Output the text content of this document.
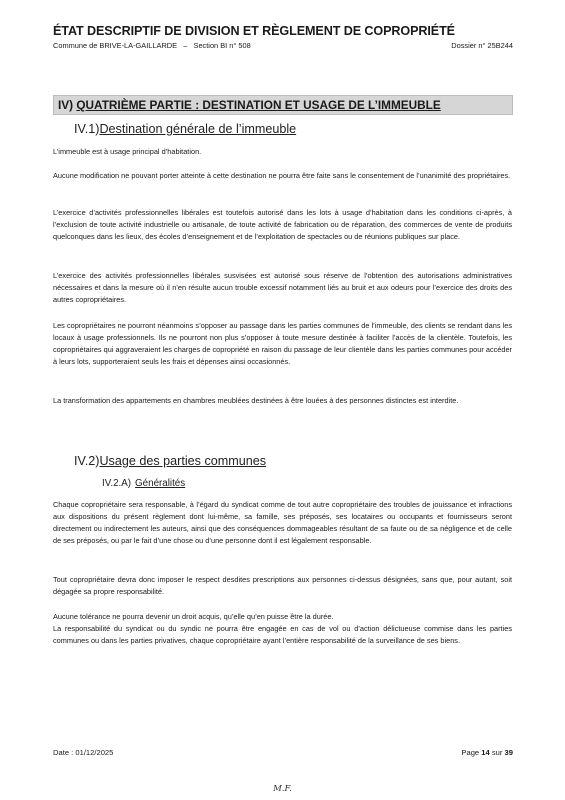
ÉTAT DESCRIPTIF DE DIVISION ET RÈGLEMENT DE COPROPRIÉTÉ
Commune de BRIVE-LA-GAILLARDE – Section BI n° 508	Dossier n° 25B244
IV) QUATRIÈME PARTIE : DESTINATION ET USAGE DE L’IMMEUBLE
IV.1)Destination générale de l’immeuble

L’immeuble est à usage principal d’habitation.

Aucune modification ne pouvant porter atteinte à cette destination ne pourra être faite sans le consentement de l’unanimité des propriétaires.

L’exercice d’activités professionnelles libérales est toutefois autorisé dans les lots à usage d’habitation dans les conditions ci-après, à l’exclusion de toute activité industrielle ou artisanale, de toute activité de fabrication ou de réparation, des commerces de vente de produits quelconques dans les lieux, des écoles d’enseignement et de l’exploitation de spectacles ou de réunions publiques sur place.

L’exercice des activités professionnelles libérales susvisées est autorisé sous réserve de l’obtention des autorisations administratives nécessaires et dans la mesure où il n’en résulte aucun trouble excessif notamment liés au bruit et aux odeurs pour l’exercice des droits des autres copropriétaires.

Les copropriétaires ne pourront néanmoins s’opposer au passage dans les parties communes de l’immeuble, des clients se rendant dans les locaux à usage professionnels. Ils ne pourront non plus s’opposer à toute mesure destinée à faciliter l’accès de la clientèle. Toutefois, les copropriétaires qui aggraveraient les charges de copropriété en raison du passage de leur clientèle dans les parties communes pour accéder à leurs lots, supporteraient seuls les frais et dépenses ainsi occasionnés.

La transformation des appartements en chambres meublées destinées à être louées à des personnes distinctes est interdite.

IV.2)Usage des parties communes
IV.2.A) Généralités

Chaque copropriétaire sera responsable, à l’égard du syndicat comme de tout autre copropriétaire des troubles de jouissance et infractions aux dispositions du présent règlement dont lui-même, sa famille, ses préposés, ses locataires ou occupants et fournisseurs seront directement ou indirectement les auteurs, ainsi que des conséquences dommageables résultant de sa faute ou de sa négligence et de celle de ses préposés, ou par le fait d’une chose ou d’une personne dont il est légalement responsable.

Tout copropriétaire devra donc imposer le respect desdites prescriptions aux personnes ci-dessus désignées, sans que, pour autant, soit dégagée sa propre responsabilité.

Aucune tolérance ne pourra devenir un droit acquis, qu’elle qu’en puisse être la durée.

La responsabilité du syndicat ou du syndic ne pourra être engagée en cas de vol ou d’action délictueuse commise dans les parties communes ou dans les parties privatives, chaque copropriétaire ayant l’entière responsabilité de la surveillance de ses biens.

Date : 01/12/2025	Page 14 sur 39
M.F.
